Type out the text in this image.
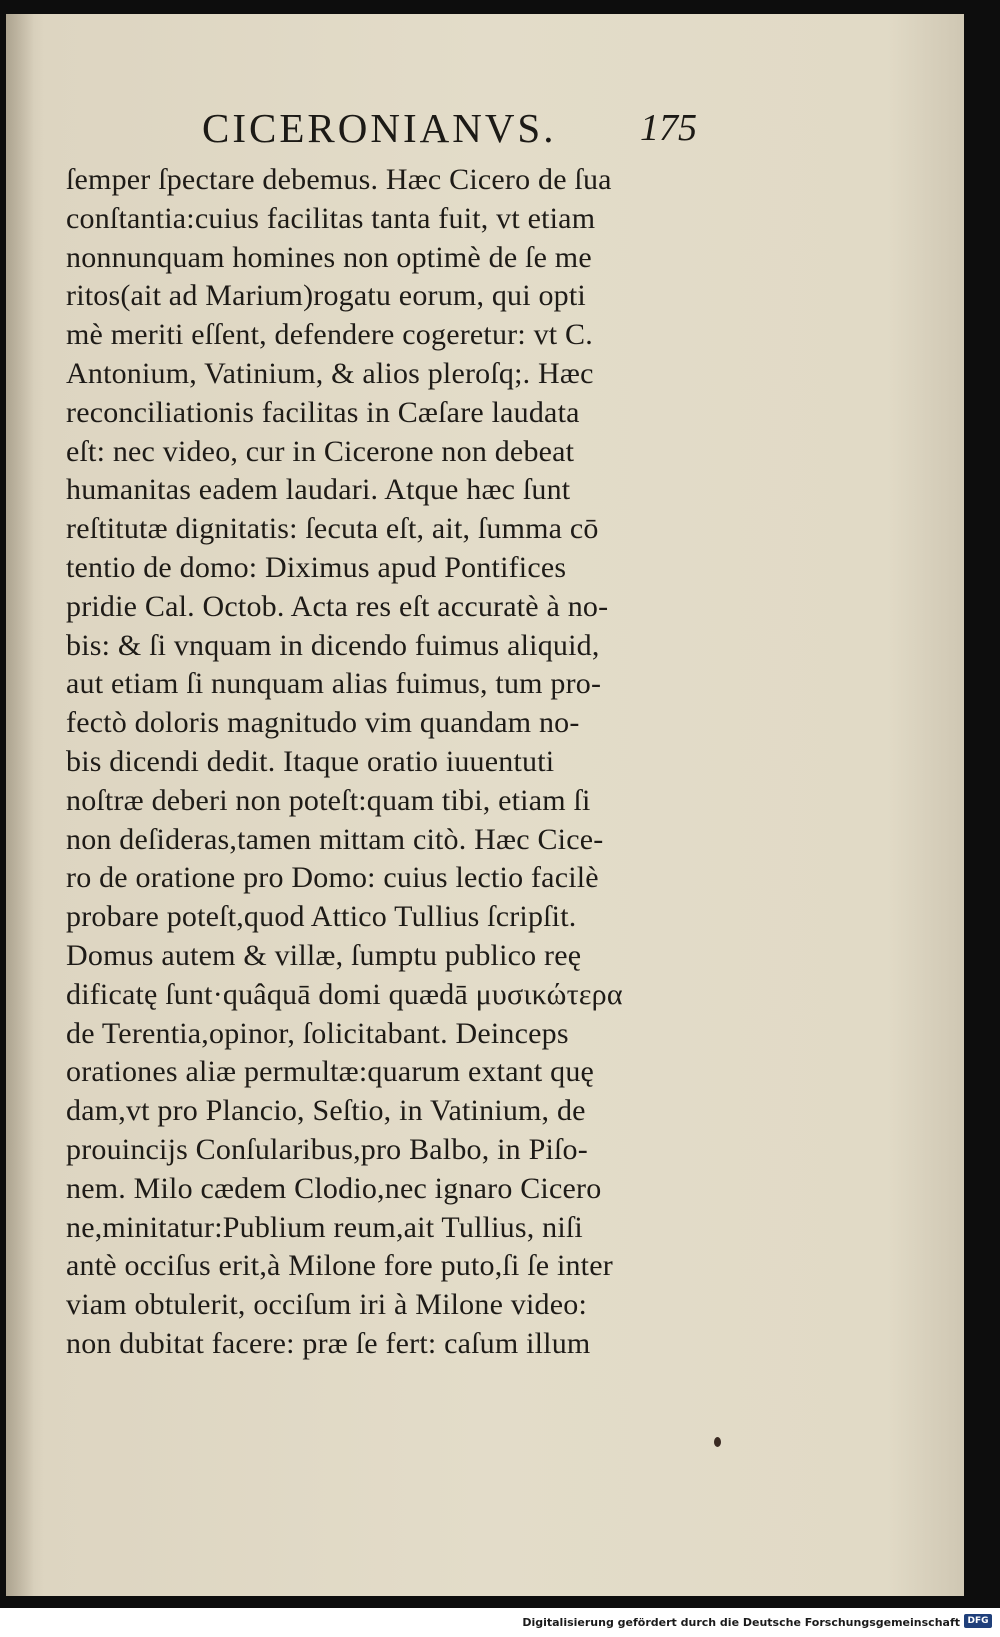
CICERONIANVS. 175
ſemper ſpectare debemus. Hæc Cicero de ſua
conſtantia:cuius facilitas tanta fuit, vt etiam
nonnunquam homines non optimè de ſe me
ritos(ait ad Marium)rogatu eorum, qui opti
mè meriti eſſent, defendere cogeretur: vt C.
Antonium, Vatinium, & alios pleroſq;. Hæc
reconciliationis facilitas in Cæſare laudata
eſt: nec video, cur in Cicerone non debeat
humanitas eadem laudari. Atque hæc ſunt
reſtitutæ dignitatis: ſecuta eſt, ait, ſumma cō
tentio de domo: Diximus apud Pontifices
pridie Cal. Octob. Acta res eſt accuratè à no-
bis: & ſi vnquam in dicendo fuimus aliquid,
aut etiam ſi nunquam alias fuimus, tum pro-
fectò doloris magnitudo vim quandam no-
bis dicendi dedit. Itaque oratio iuuentuti
noſtræ deberi non poteſt:quam tibi, etiam ſi
non deſideras,tamen mittam citò. Hæc Cice-
ro de oratione pro Domo: cuius lectio facilè
probare poteſt,quod Attico Tullius ſcripſit.
Domus autem & villæ, ſumptu publico reę
dificatę ſunt·quâquā domi quædā μυσικώτερα
de Terentia,opinor, ſolicitabant. Deinceps
orationes aliæ permultæ:quarum extant quę
dam,vt pro Plancio, Seſtio, in Vatinium, de
prouincijs Conſularibus,pro Balbo, in Piſo-
nem. Milo cædem Clodio,nec ignaro Cicero
ne,minitatur:Publium reum,ait Tullius, niſi
antè occiſus erit,à Milone fore puto,ſi ſe inter
viam obtulerit, occiſum iri à Milone video:
non dubitat facere: præ ſe fert: caſum illum
Digitalisierung gefördert durch die Deutsche Forschungsgemeinschaft DFG
